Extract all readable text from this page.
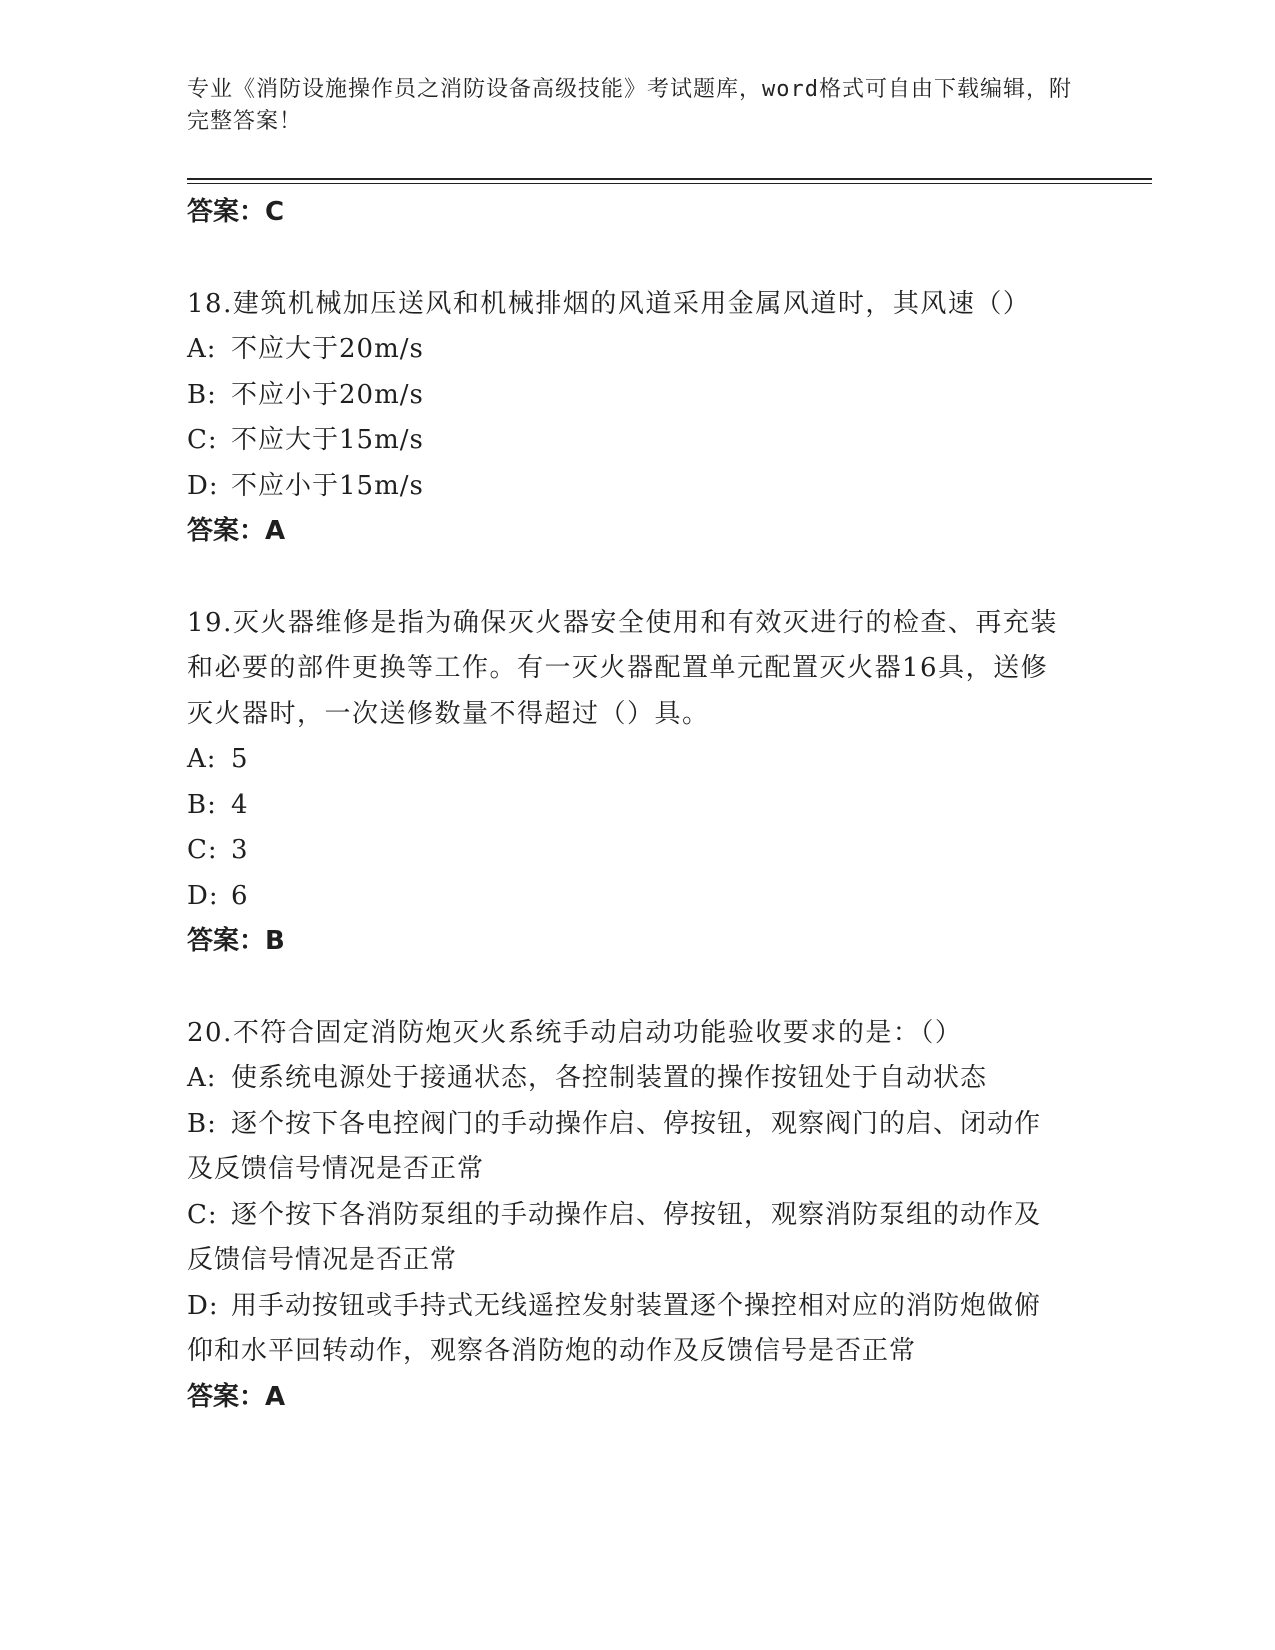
专业《消防设施操作员之消防设备高级技能》考试题库，word格式可自由下载编辑，附完整答案！
答案：C
18.建筑机械加压送风和机械排烟的风道采用金属风道时，其风速（）
A: 不应大于20m/s
B: 不应小于20m/s
C: 不应大于15m/s
D: 不应小于15m/s
答案：A
19.灭火器维修是指为确保灭火器安全使用和有效灭进行的检查、再充装和必要的部件更换等工作。有一灭火器配置单元配置灭火器16具，送修灭火器时，一次送修数量不得超过（）具。
A: 5
B: 4
C: 3
D: 6
答案：B
20.不符合固定消防炮灭火系统手动启动功能验收要求的是：（）
A: 使系统电源处于接通状态，各控制装置的操作按钮处于自动状态
B: 逐个按下各电控阀门的手动操作启、停按钮，观察阀门的启、闭动作及反馈信号情况是否正常
C: 逐个按下各消防泵组的手动操作启、停按钮，观察消防泵组的动作及反馈信号情况是否正常
D: 用手动按钮或手持式无线遥控发射装置逐个操控相对应的消防炮做俯仰和水平回转动作，观察各消防炮的动作及反馈信号是否正常
答案：A
